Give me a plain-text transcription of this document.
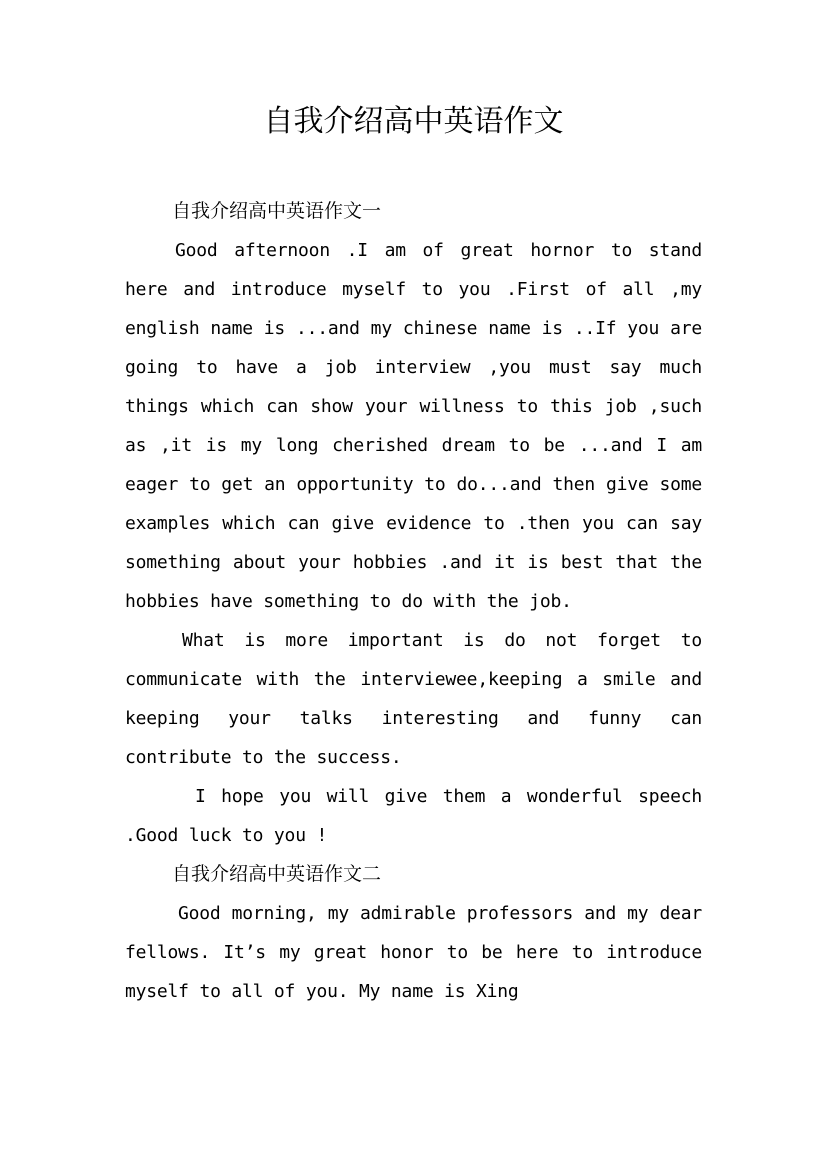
自我介绍高中英语作文

自我介绍高中英语作文一

Good afternoon .I am of great hornor to stand here and introduce myself to you .First of all ,my english name is ...and my chinese name is ..If you are going to have a job interview ,you must say much things which can show your willness to this job ,such as ,it is my long cherished dream to be ...and I am eager to get an opportunity to do...and then give some examples which can give evidence to .then you can say something about your hobbies .and it is best that the hobbies have something to do with the job.

What is more important is do not forget to communicate with the interviewee,keeping a smile and keeping your talks interesting and funny can contribute to the success.

I hope you will give them a wonderful speech .Good luck to you !

自我介绍高中英语作文二

Good morning, my admirable professors and my dear fellows. It’s my great honor to be here to introduce myself to all of you. My name is Xing
